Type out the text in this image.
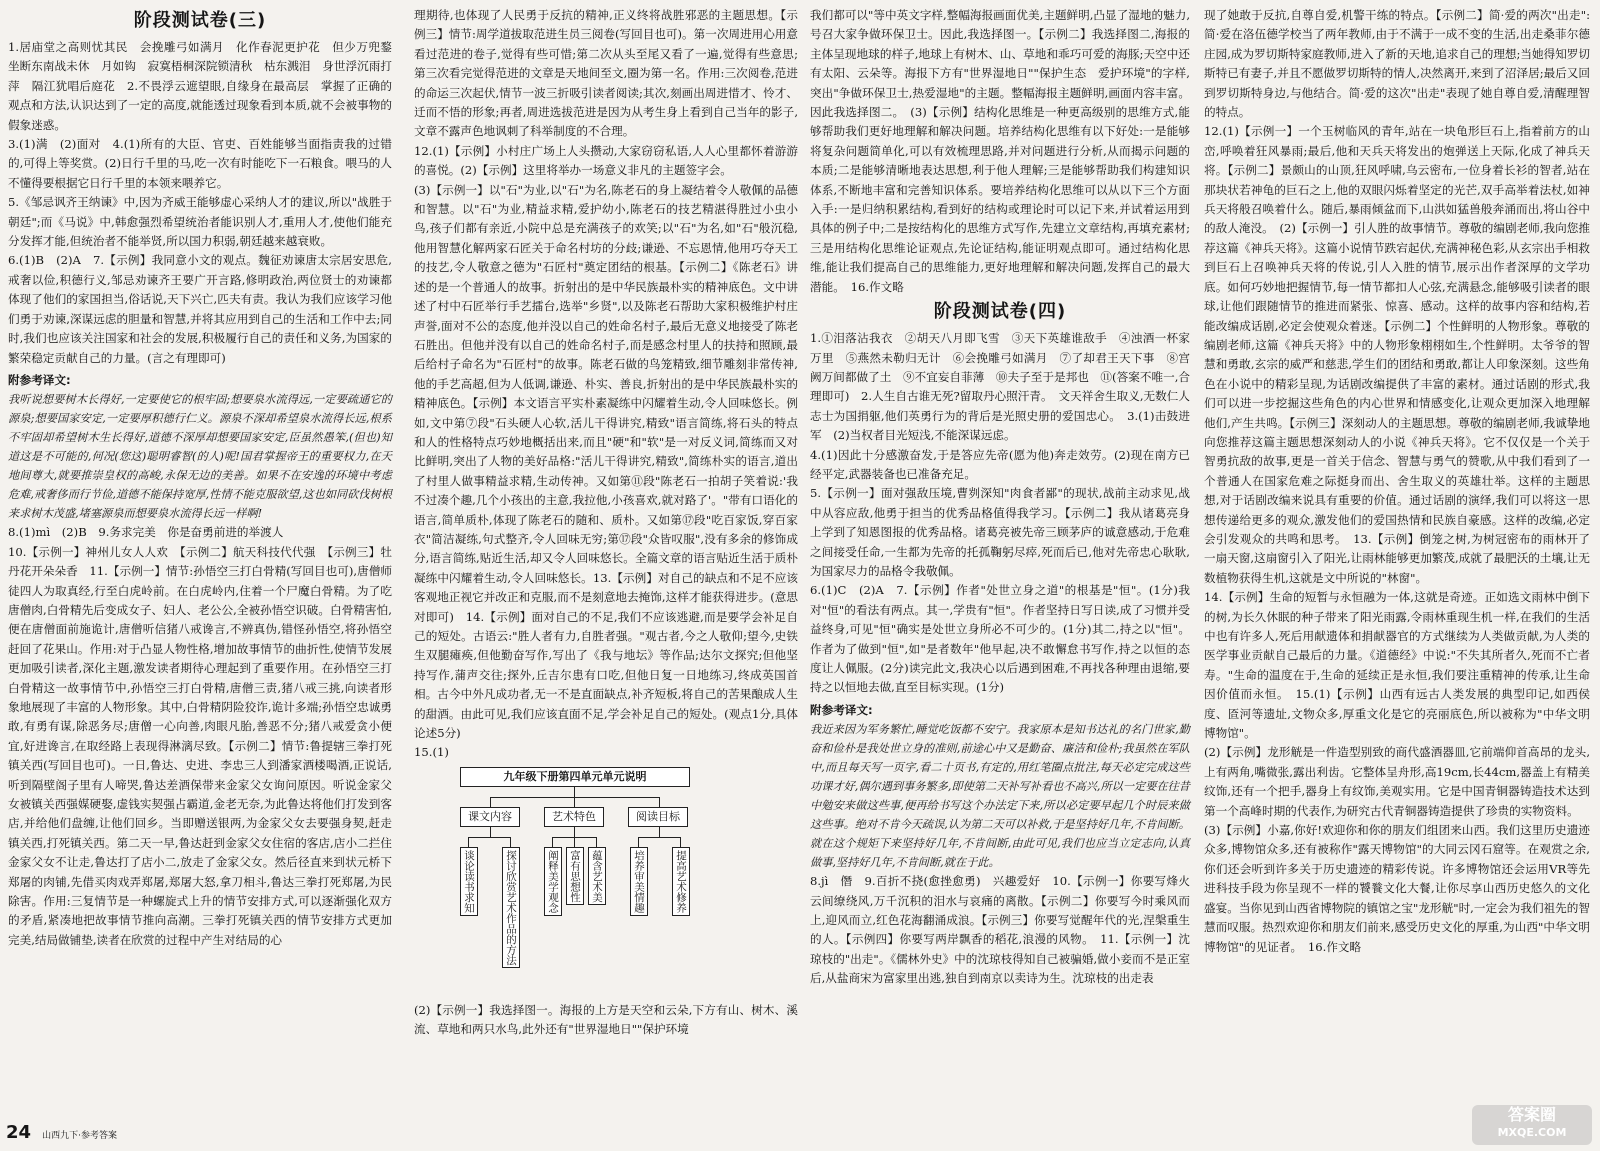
阶段测试卷(三)

1.居庙堂之高则忧其民　会挽雕弓如满月　化作春泥更护花　但少万兜鍪　坐断东南战未休　月如钩　寂寞梧桐深院锁清秋　枯东溅泪　身世浮沉雨打萍　隔江犹唱后庭花　2.不畏浮云遮望眼,自缘身在最高层　掌握了正确的观点和方法,认识达到了一定的高度,就能透过现象看到本质,就不会被事物的假象迷惑。

3.(1)满　(2)面对　4.(1)所有的大臣、官吏、百姓能够当面指责我的过错的,可得上等奖赏。(2)日行千里的马,吃一次有时能吃下一石粮食。喂马的人不懂得要根据它日行千里的本领来喂养它。

5.《邹忌讽齐王纳谏》中,因为齐威王能够虚心采纳人才的建议,所以"战胜于朝廷";而《马说》中,韩愈强烈希望统治者能识别人才,重用人才,使他们能充分发挥才能,但统治者不能举贤,所以国力积弱,朝廷越来越衰败。

6.(1)B　(2)A　7.【示例】我同意小文的观点。魏征劝谏唐太宗居安思危,戒奢以俭,积德行义,邹忌劝谏齐王要广开言路,修明政治,两位贤士的劝谏都体现了他们的家国担当,俗话说,天下兴亡,匹夫有责。我认为我们应该学习他们勇于劝谏,深谋远虑的胆量和智慧,并将其应用到自己的生活和工作中去;同时,我们也应该关注国家和社会的发展,积极履行自己的责任和义务,为国家的繁荣稳定贡献自己的力量。(言之有理即可)

附参考译文:

我听说想要树木长得好,一定要使它的根牢固;想要泉水流得远,一定要疏通它的源泉;想要国家安定,一定要厚积德行仁义。源泉不深却希望泉水流得长远,根系不牢固却希望树木生长得好,道德不深厚却想要国家安定,臣虽然愚笨,(但也)知道这是不可能的,何况(您这)聪明睿智(的人)呢!国君掌握帝王的重要权力,在天地间尊大,就要推崇皇权的高峻,永保无边的美善。如果不在安逸的环境中考虑危难,戒奢侈而行节俭,道德不能保持宽厚,性情不能克服欲望,这也如同砍伐树根来求树木茂盛,堵塞源泉而想要泉水流得长远一样啊!

8.(1)mì　(2)B　9.务求完美　你是奋勇前进的举渡人

10.【示例一】神州儿女人人欢　【示例二】航天科技代代强　【示例三】牡丹花开朵朵香　11.【示例一】情节:孙悟空三打白骨精(写回目也可),唐僧师徒四人为取真经,行至白虎岭前。在白虎岭内,住着一个尸魔白骨精。为了吃唐僧肉,白骨精先后变成女子、妇人、老公公,全被孙悟空识破。白骨精害怕,便在唐僧面前施诡计,唐僧听信猪八戒谗言,不辨真伪,错怪孙悟空,将孙悟空赶回了花果山。作用:对于凸显人物性格,增加故事情节的曲折性,使情节发展更加吸引读者,深化主题,激发读者期待心理起到了重要作用。在孙悟空三打白骨精这一故事情节中,孙悟空三打白骨精,唐僧三责,猪八戒三挑,向读者形象地展现了丰富的人物形象。其中,白骨精阴险狡诈,诡计多端;孙悟空忠诚勇敢,有勇有谋,除恶务尽;唐僧一心向善,肉眼凡胎,善恶不分;猪八戒爱贪小便宜,好进谗言,在取经路上表现得淋漓尽致。【示例二】情节:鲁提辖三拳打死镇关西(写回目也可)。一日,鲁达、史进、李忠三人到潘家酒楼喝酒,正说话,听到隔壁阁子里有人啼哭,鲁达差酒保带来金家父女询问原因。听说金家父女被镇关西强媒硬娶,虚钱实契强占霸道,金老无奈,为此鲁达将他们打发到客店,并给他们盘缠,让他们回乡。当即赠送银两,为金家父女去要强身契,赶走镇关西,打死镇关西。第二天一早,鲁达赶到金家父女住宿的客店,店小二拦住金家父女不让走,鲁达打了店小二,放走了金家父女。然后径直来到状元桥下郑屠的肉铺,先借买肉戏弄郑屠,郑屠大怒,拿刀相斗,鲁达三拳打死郑屠,为民除害。作用:三复情节是一种螺旋式上升的情节安排方式,可以逐渐强化双方的矛盾,紧凑地把故事情节推向高潮。三拳打死镇关西的情节安排方式更加完美,结局做铺垫,读者在欣赏的过程中产生对结局的心

理期待,也体现了人民勇于反抗的精神,正义终将战胜邪恶的主题思想。【示例三】情节:周学道拔取范进生员三阅卷(写回目也可)。第一次周进用心用意看过范进的卷子,觉得有些可惜;第二次从头至尾又看了一遍,觉得有些意思;第三次看完觉得范进的文章是天地间至文,圈为第一名。作用:三次阅卷,范进的命运三次起伏,情节一波三折吸引读者阅读;其次,刻画出周进惜才、怜才、迁而不悟的形象;再者,周进选拔范进是因为从考生身上看到自己当年的影子,文章不露声色地讽刺了科举制度的不合理。

12.(1)【示例】小村庄广场上人头攒动,大家窃窃私语,人人心里都怀着游游的喜悦。(2)【示例】这里将举办一场意义非凡的主题签字会。

(3)【示例一】以"石"为业,以"石"为名,陈老石的身上凝结着令人敬佩的品德和智慧。以"石"为业,精益求精,爱护幼小,陈老石的技艺精湛得胜过小虫小鸟,孩子们都有亲近,小院中总是充满孩子的欢笑;以"石"为名,如"石"般沉稳,他用智慧化解两家石匠关于命名村坊的分歧;谦逊、不忘恩情,他用巧夺天工的技艺,令人敬意之德为"石匠村"奠定团结的根基。【示例二】《陈老石》讲述的是一个普通人的故事。折射出的是中华民族最朴实的精神底色。文中讲述了村中石匠举行手艺擂台,选举"乡贤",以及陈老石帮助大家积极维护村庄声誉,面对不公的态度,他并没以自己的姓命名村子,最后无意义地接受了陈老石胜出。但他并没有以自己的姓命名村子,而是感念村里人的扶持和照顾,最后给村子命名为"石匠村"的故事。陈老石做的鸟笼精致,细节雕刻非常传神,他的手艺高超,但为人低调,谦逊、朴实、善良,折射出的是中华民族最朴实的精神底色。【示例】本文语言平实朴素凝练中闪耀着生动,令人回味悠长。例如,文中第⑦段"石头硬人心软,活儿干得讲究,精致"语言简练,将石头的特点和人的性格特点巧妙地概括出来,而且"硬"和"软"是一对反义词,简练而又对比鲜明,突出了人物的美好品格:"活儿干得讲究,精致",简练朴实的语言,道出了村里人做事精益求精,生动传神。又如第⑪段"陈老石一拍胡子笑着说:'我不过凑个趣,几个小孩出的主意,我拉他,小孩喜欢,就对路了'。"带有口语化的语言,简单质朴,体现了陈老石的随和、质朴。又如第⑰段"吃百家饭,穿百家衣"简洁凝练,句式整齐,令人回味无穷;第⑰段"众皆叹服",没有多余的修饰成分,语言简练,贴近生活,却又令人回味悠长。全篇文章的语言贴近生活于质朴凝练中闪耀着生动,令人回味悠长。13.【示例】对自己的缺点和不足不应该客观地正视它并改正和克服,而不是刻意地去掩饰,这样才能获得进步。(意思对即可)　14.【示例】面对自己的不足,我们不应该逃避,而是要学会补足自己的短处。古语云:"胜人者有力,自胜者强。"观古者,今之人敬仰;望今,史铁生双腿瘫痪,但他勤奋写作,写出了《我与地坛》等作品;达尔文探究;但他坚持写作,蒲声交往;探外,丘吉尔患有口吃,但他日复一日地练习,终成英国首相。古今中外凡成功者,无一不是直面缺点,补齐短板,将自己的苦果酿成人生的甜酒。由此可见,我们应该直面不足,学会补足自己的短处。(观点1分,具体论述5分)

15.(1)

九年级下册第四单元单元说明
课文内容	艺术特色	阅读目标
谈论读书求知	探讨欣赏艺术作品的方法	阐释美学观念 富有思想性 蕴含艺术美	培养审美情趣	提高艺术修养

(2)【示例一】我选择图一。海报的上方是天空和云朵,下方有山、树木、溪流、草地和两只水鸟,此外还有"世界湿地日""保护环境

我们都可以"等中英文字样,整幅海报画面优美,主题鲜明,凸显了湿地的魅力,号召大家争做环保卫士。因此,我选择图一。【示例二】我选择图二,海报的主体呈现地球的样子,地球上有树木、山、草地和乖巧可爱的海豚;天空中还有太阳、云朵等。海报下方有"世界湿地日""保护生态　爱护环境"的字样,突出"争做环保卫士,热爱湿地"的主题。整幅海报主题鲜明,画面内容丰富。因此我选择图二。　(3)【示例】结构化思维是一种更高级别的思维方式,能够帮助我们更好地理解和解决问题。培养结构化思维有以下好处:一是能够将复杂问题简单化,可以有效梳理思路,并对问题进行分析,从而揭示问题的本质;二是能够清晰地表达思想,利于他人理解;三是能够帮助我们构建知识体系,不断地丰富和完善知识体系。要培养结构化思维可以从以下三个方面入手:一是归纳积累结构,看到好的结构或理论时可以记下来,并试着运用到具体的例子中;二是按结构化的思维方式写作,先建立文章结构,再填充素材;三是用结构化思维论证观点,先论证结构,能证明观点即可。通过结构化思维,能让我们提高自己的思维能力,更好地理解和解决问题,发挥自己的最大潜能。　16.作文略

阶段测试卷(四)

1.①泪落沾我衣　②胡天八月即飞雪　③天下英雄谁敌手　④浊酒一杯家万里　⑤燕然未勒归无计　⑥会挽雕弓如满月　⑦了却君王天下事　⑧宫阙万间都做了土　⑨不宜妄自菲薄　⑩夫子至于是邦也　⑪(答案不唯一,合理即可)　2.人生自古谁无死?留取丹心照汗青。　文天祥舍生取义,无数仁人志士为国捐躯,他们英勇行为的背后是光照史册的爱国忠心。　3.(1)击鼓进军　(2)当权者目光短浅,不能深谋远虑。

4.(1)因此十分感激奋发,于是答应先帝(愿为他)奔走效劳。(2)现在南方已经平定,武器装备也已准备充足。

5.【示例一】面对强敌压境,曹刿深知"肉食者鄙"的现状,战前主动求见,战中从容应敌,他勇于担当的优秀品格值得我学习。【示例二】我从诸葛亮身上学到了知恩图报的优秀品格。诸葛亮被先帝三顾茅庐的诚意感动,于危难之间接受任命,一生都为先帝的托孤鞠躬尽瘁,死而后已,他对先帝忠心耿耿,为国家尽力的品格令我敬佩。

6.(1)C　(2)A　7.【示例】作者"处世立身之道"的根基是"恒"。(1分)我对"恒"的看法有两点。其一,学贵有"恒"。作者坚持日写日读,成了习惯并受益终身,可见"恒"确实是处世立身所必不可少的。(1分)其二,持之以"恒"。作者为了做到"恒",如"是者数年"他早起,决不敢懈怠书写作,持之以恒的态度让人佩服。(2分)读完此文,我决心以后遇到困难,不再找各种理由退缩,要持之以恒地去做,直至目标实现。(1分)

附参考译文:

我近来因为军务繁忙,睡觉吃饭都不安宁。我家原本是知书达礼的名门世家,勤奋和俭朴是我处世立身的准则,前途心中又是勤奋、廉洁和俭朴;我虽然在军队中,而且每天写一页字,看二十页书,有定的,用红笔圈点批注,每天必定完成这些功课才好,偶尔遇到事务繁多,即使第二天补写补看也不高兴,所以一定要在往昔中勉安来做这些事,便再给书写这个办法定下来,所以必定要早起几个时辰来做这些事。绝对不肯今天疏误,认为第二天可以补救,于是坚持好几年,不肯间断。就在这个规矩下来坚持好几年,不肯间断,由此可见,我们也应当立定志向,认真做事,坚持好几年,不肯间断,就在于此。

8.jì　僭　9.百折不挠(愈挫愈勇)　兴趣爱好　10.【示例一】你要写烽火云间缭绕风,万千沉积的泪水与哀痛的离散。【示例二】你要写今时乘风而上,迎风而立,红色花海翻涌成浪。【示例三】你要写觉醒年代的光,涅槃重生的人。【示例四】你要写两岸飘香的稻花,浪漫的风物。　11.【示例一】沈琼枝的"出走"。《儒林外史》中的沈琼枝得知自己被骗婚,做小妾而不是正室后,从盐商宋为富家里出逃,独自到南京以卖诗为生。沈琼枝的出走表

现了她敢于反抗,自尊自爱,机警干练的特点。【示例二】简·爱的两次"出走":简·爱在洛伍德学校当了两年教师,由于不满于一成不变的生活,出走桑菲尔德庄园,成为罗切斯特家庭教师,进入了新的天地,追求自己的理想;当她得知罗切斯特已有妻子,并且不愿做罗切斯特的情人,决然离开,来到了沼泽居;最后又回到罗切斯特身边,与他结合。简·爱的这次"出走"表现了她自尊自爱,清醒理智的特点。

12.(1)【示例一】一个玉树临风的青年,站在一块龟形巨石上,指着前方的山峦,呼唤着狂风暴雨;最后,他和天兵天将发出的炮弹送上天际,化成了神兵天将。【示例二】景颇山的山顶,狂风呼啸,乌云密布,一位身着长衫的智者,站在那块状若神龟的巨石之上,他的双眼闪烁着坚定的光芒,双手高举着法杖,如神兵天将般召唤着什么。随后,暴雨倾盆而下,山洪如猛兽般奔涌而出,将山谷中的敌人淹没。　(2)【示例一】引人胜的故事情节。尊敬的编剧老师,我向您推荐这篇《神兵天将》。这篇小说情节跌宕起伏,充满神秘色彩,从玄宗出手相救到巨石上召唤神兵天将的传说,引人入胜的情节,展示出作者深厚的文学功底。如何巧妙地把握情节,每一情节都扣人心弦,充满悬念,能够吸引读者的眼球,让他们跟随情节的推进而紧张、惊喜、感动。这样的故事内容和结构,若能改编成话剧,必定会使观众着迷。【示例二】个性鲜明的人物形象。尊敬的编剧老师,这篇《神兵天将》中的人物形象栩栩如生,个性鲜明。太爷爷的智慧和勇敢,玄宗的威严和慈悲,学生们的团结和勇敢,都让人印象深刻。这些角色在小说中的精彩呈现,为话剧改编提供了丰富的素材。通过话剧的形式,我们可以进一步挖掘这些角色的内心世界和情感变化,让观众更加深入地理解他们,产生共鸣。【示例三】深刻动人的主题思想。尊敬的编剧老师,我诚挚地向您推荐这篇主题思想深刻动人的小说《神兵天将》。它不仅仅是一个关于智勇抗敌的故事,更是一首关于信念、智慧与勇气的赞歌,从中我们看到了一个普通人在国家危难之际挺身而出、舍生取义的英雄壮举。这样的主题思想,对于话剧改编来说具有重要的价值。通过话剧的演绎,我们可以将这一思想传递给更多的观众,激发他们的爱国热情和民族自豪感。这样的改编,必定会引发观众的共鸣和思考。　13.【示例】倒笼之树,为树冠密布的雨林开了一扇天窗,这扇窗引入了阳光,让雨林能够更加繁茂,成就了最肥沃的土壤,让无数植物获得生机,这就是文中所说的"林窗"。

14.【示例】生命的短暂与永恒融为一体,这就是奇迹。正如选文雨林中倒下的树,为长久休眠的种子带来了阳光雨露,令雨林重现生机一样,在我们的生活中也有许多人,死后用献遗体和捐献器官的方式继续为人类做贡献,为人类的医学事业贡献自己最后的力量。《道德经》中说:"不失其所者久,死而不亡者寿。"生命的温度在于,生命的延续正是永恒,我们要注重精神的传承,让生命因价值而永恒。　15.(1)【示例】山西有远古人类发展的典型印记,如西侯度、匼河等遗址,文物众多,厚重文化是它的亮丽底色,所以被称为"中华文明博物馆"。

(2)【示例】龙形觥是一件造型别致的商代盛酒器皿,它前端仰首高昂的龙头,上有两角,嘴微张,露出利齿。它整体呈舟形,高19cm,长44cm,器盖上有精美纹饰,还有一个把手,器身上有纹饰,美观实用。它是中国青铜器铸造技术达到第一个高峰时期的代表作,为研究古代青铜器铸造提供了珍贵的实物资料。

(3)【示例】小嘉,你好!欢迎你和你的朋友们组团来山西。我们这里历史遗迹众多,博物馆众多,还有被称作"露天博物馆"的大同云冈石窟等。在观赏之余,你们还会听到许多关于历史遗迹的精彩传说。许多博物馆还会运用VR等先进科技手段为你呈现不一样的饕餮文化大餐,让你尽享山西历史悠久的文化盛宴。当你见到山西省博物院的镇馆之宝"龙形觥"时,一定会为我们祖先的智慧而叹服。热烈欢迎你和朋友们前来,感受历史文化的厚重,为山西"中华文明博物馆"的见证者。　16.作文略

24 山西九下·参考答案
答案圈
MXQE.COM
